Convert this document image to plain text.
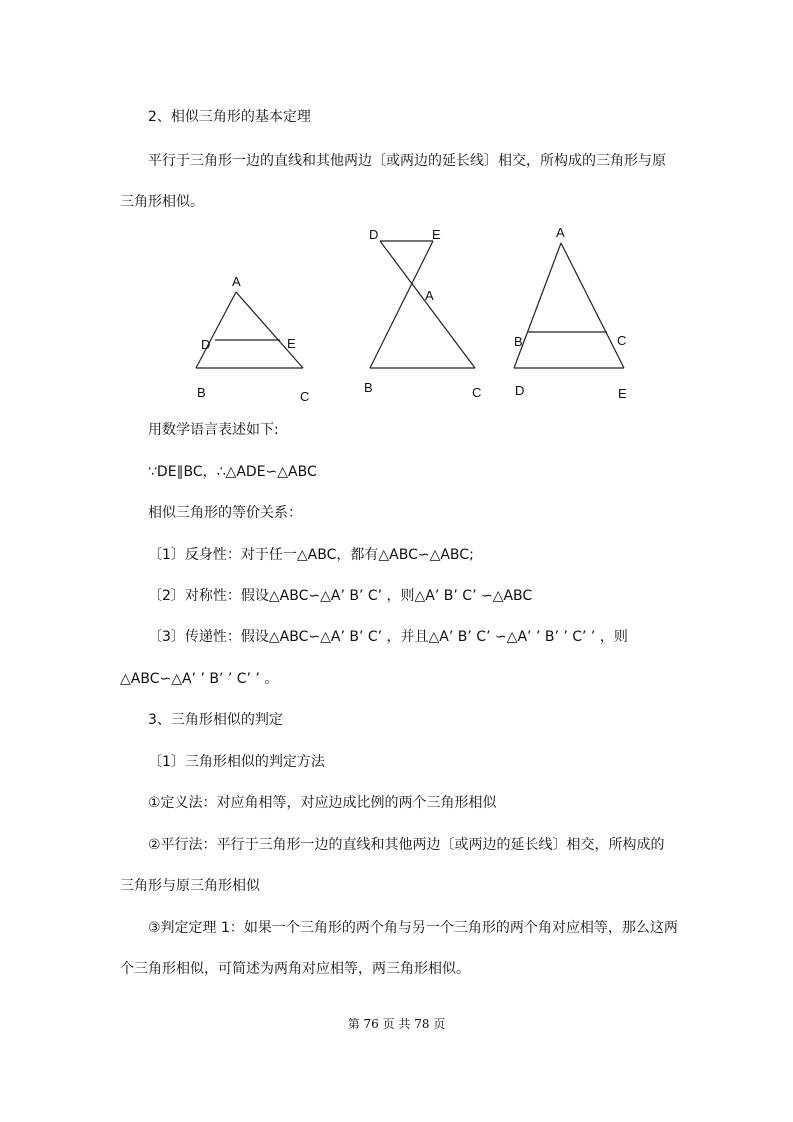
2、相似三角形的基本定理
平行于三角形一边的直线和其他两边〔或两边的延长线〕相交，所构成的三角形与原
三角形相似。
A
D	E
B	C
D	E
A
B	C
A
B	C
D	E
用数学语言表述如下:
∵DE∥BC，∴△ADE∽△ABC
相似三角形的等价关系：
〔1〕反身性：对于任一△ABC，都有△ABC∽△ABC;
〔2〕对称性：假设△ABC∽△A’ B’ C’ ，则△A’ B’ C’ ∽△ABC
〔3〕传递性：假设△ABC∽△A’ B’ C’ ，并且△A’ B’ C’ ∽△A’ ’ B’ ’ C’ ’ ，则
△ABC∽△A’ ’ B’ ’ C’ ’ 。
3、三角形相似的判定
〔1〕三角形相似的判定方法
①定义法：对应角相等，对应边成比例的两个三角形相似
②平行法：平行于三角形一边的直线和其他两边〔或两边的延长线〕相交，所构成的
三角形与原三角形相似
③判定定理 1：如果一个三角形的两个角与另一个三角形的两个角对应相等，那么这两
个三角形相似，可简述为两角对应相等，两三角形相似。
第 76 页 共 78 页
